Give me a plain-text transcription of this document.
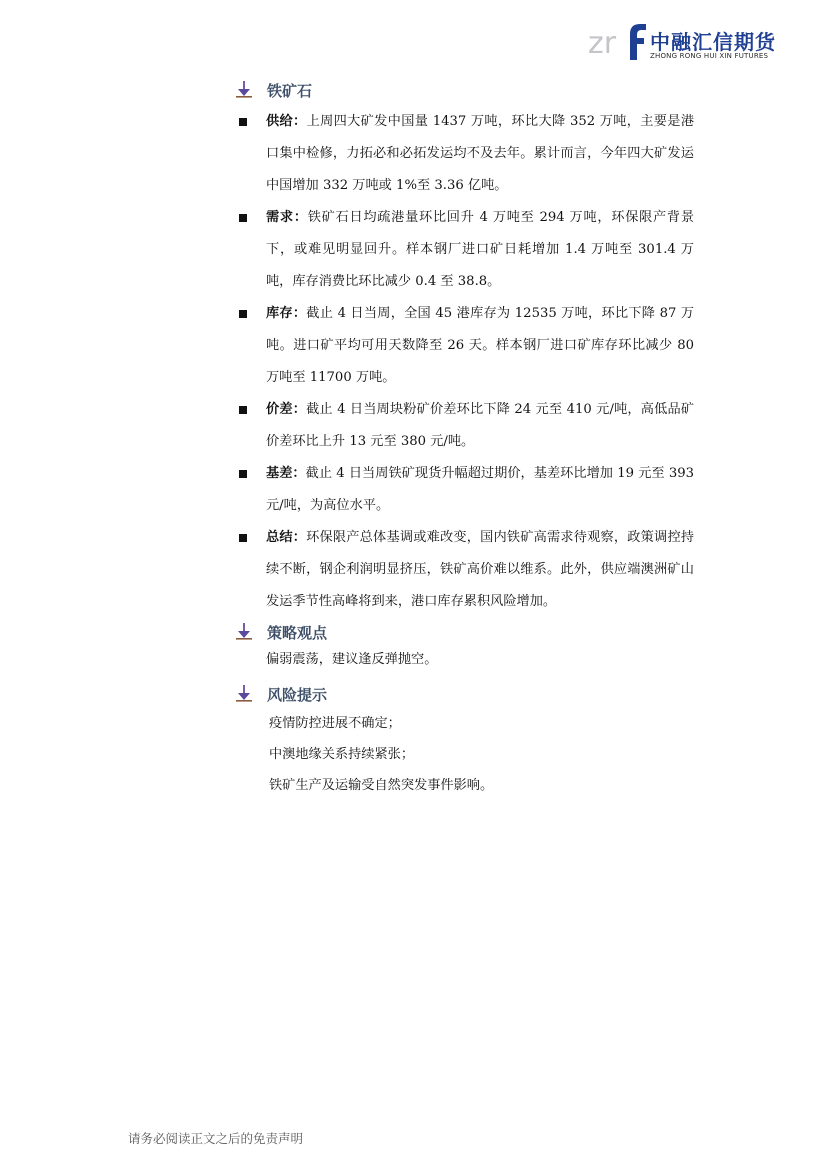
zr 中融汇信期货
ZHONG RONG HUI XIN FUTURES
铁矿石
供给：上周四大矿发中国量 1437 万吨，环比大降 352 万吨，主要是港口集中检修，力拓必和必拓发运均不及去年。累计而言，今年四大矿发运中国增加 332 万吨或 1%至 3.36 亿吨。
需求：铁矿石日均疏港量环比回升 4 万吨至 294 万吨，环保限产背景下，或难见明显回升。样本钢厂进口矿日耗增加 1.4 万吨至 301.4 万吨，库存消费比环比减少 0.4 至 38.8。
库存：截止 4 日当周，全国 45 港库存为 12535 万吨，环比下降 87 万吨。进口矿平均可用天数降至 26 天。样本钢厂进口矿库存环比减少 80 万吨至 11700 万吨。
价差：截止 4 日当周块粉矿价差环比下降 24 元至 410 元/吨，高低品矿价差环比上升 13 元至 380 元/吨。
基差：截止 4 日当周铁矿现货升幅超过期价，基差环比增加 19 元至 393 元/吨，为高位水平。
总结：环保限产总体基调或难改变，国内铁矿高需求待观察，政策调控持续不断，钢企利润明显挤压，铁矿高价难以维系。此外，供应端澳洲矿山发运季节性高峰将到来，港口库存累积风险增加。
策略观点
偏弱震荡，建议逢反弹抛空。
风险提示
疫情防控进展不确定；
中澳地缘关系持续紧张；
铁矿生产及运输受自然突发事件影响。
请务必阅读正文之后的免责声明
